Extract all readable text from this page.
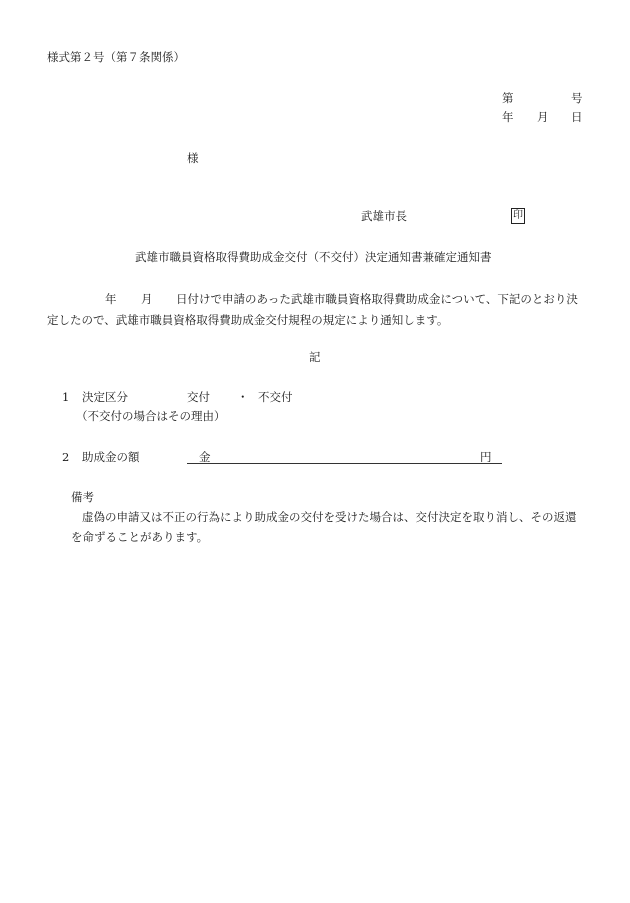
様式第２号（第７条関係）
第	号
年 月 日
様
武雄市長	印
武雄市職員資格取得費助成金交付（不交付）決定通知書兼確定通知書
年 月 日付けで申請のあった武雄市職員資格取得費助成金について、下記のとおり決
定したので、武雄市職員資格取得費助成金交付規程の規定により通知します。
記
1 決定区分	交付 ・ 不交付
（不交付の場合はその理由）
2 助成金の額	金	円
備考
虚偽の申請又は不正の行為により助成金の交付を受けた場合は、交付決定を取り消し、その返還
を命ずることがあります。
